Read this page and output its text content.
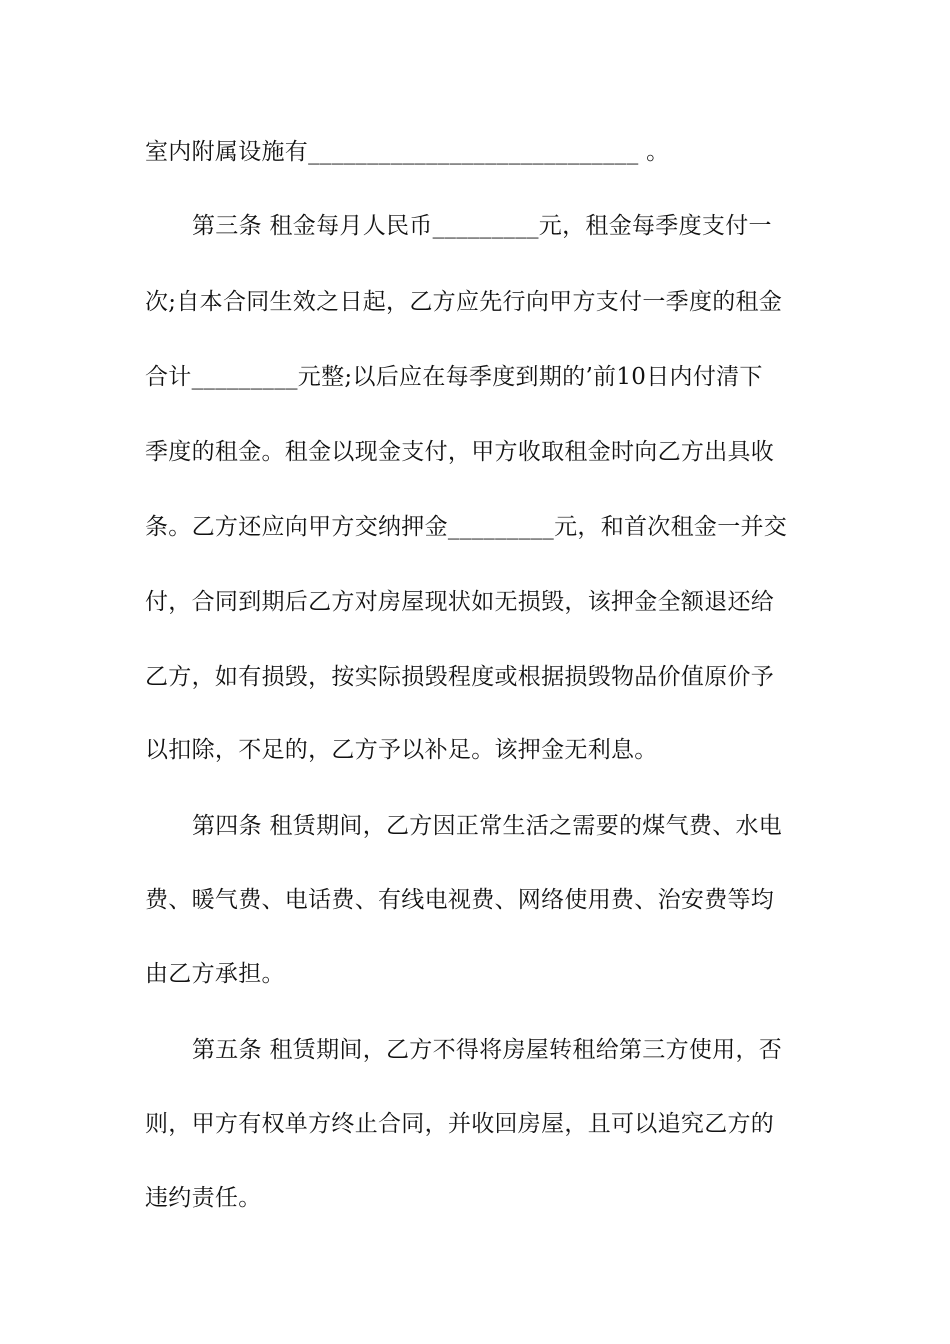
室内附属设施有____________________________ 。
第三条 租金每月人民币_________元，租金每季度支付一
次;自本合同生效之日起，乙方应先行向甲方支付一季度的租金
合计_________元整;以后应在每季度到期的’前10日内付清下
季度的租金。租金以现金支付，甲方收取租金时向乙方出具收
条。乙方还应向甲方交纳押金_________元，和首次租金一并交
付，合同到期后乙方对房屋现状如无损毁，该押金全额退还给
乙方，如有损毁，按实际损毁程度或根据损毁物品价值原价予
以扣除，不足的，乙方予以补足。该押金无利息。
第四条 租赁期间，乙方因正常生活之需要的煤气费、水电
费、暖气费、电话费、有线电视费、网络使用费、治安费等均
由乙方承担。
第五条 租赁期间，乙方不得将房屋转租给第三方使用，否
则，甲方有权单方终止合同，并收回房屋，且可以追究乙方的
违约责任。
